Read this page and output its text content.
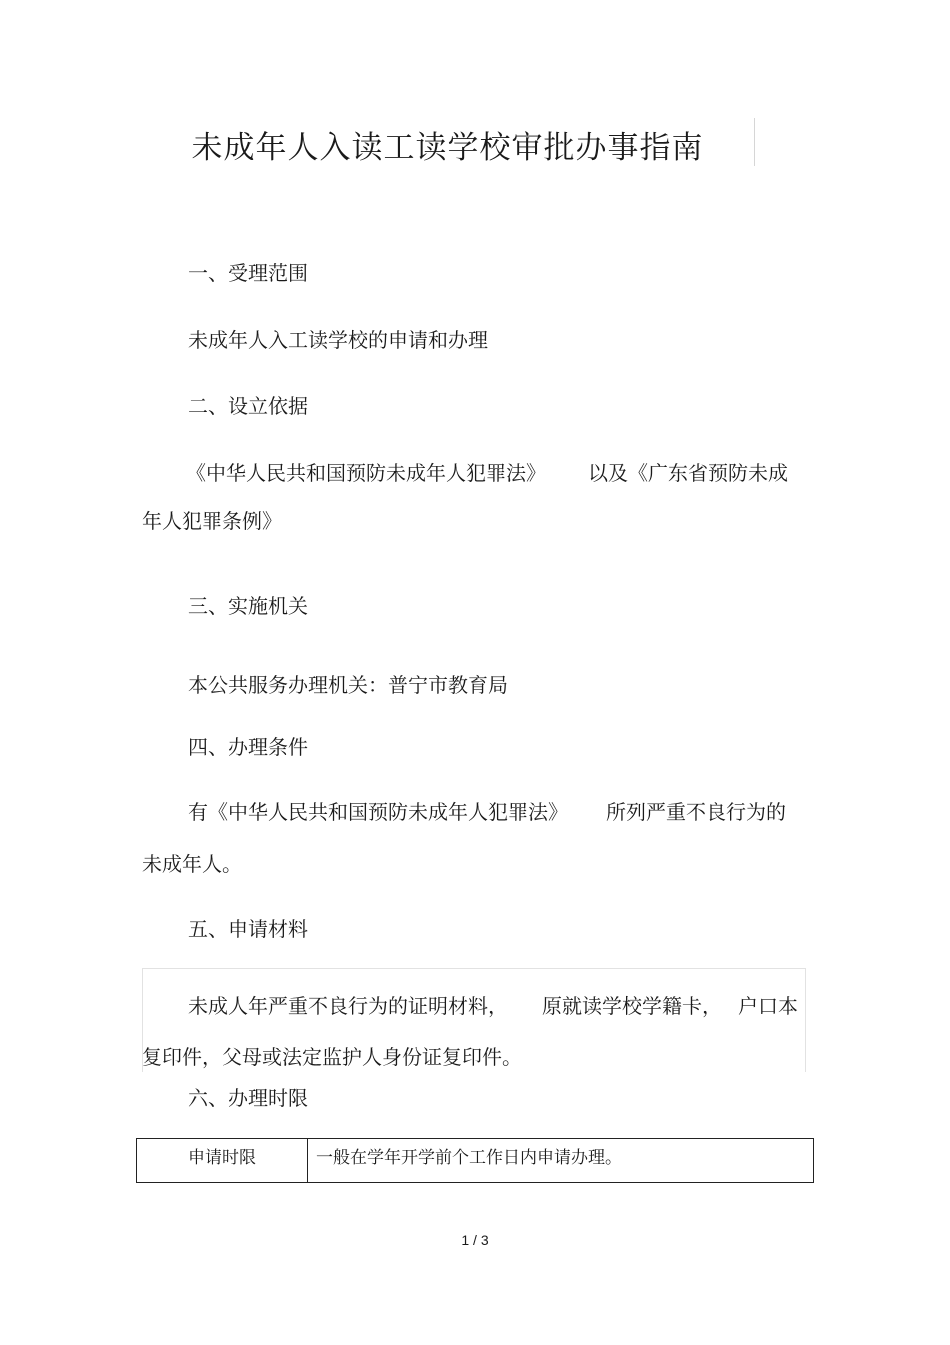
未成年人入读工读学校审批办事指南
一、受理范围
未成年人入工读学校的申请和办理
二、设立依据
《中华人民共和国预防未成年人犯罪法》 以及《广东省预防未成
年人犯罪条例》
三、实施机关
本公共服务办理机关：普宁市教育局
四、办理条件
有《中华人民共和国预防未成年人犯罪法》 所列严重不良行为的
未成年人。
五、申请材料
未成人年严重不良行为的证明材料， 原就读学校学籍卡， 户口本
复印件，父母或法定监护人身份证复印件。
六、办理时限
申请时限	一般在学年开学前个工作日内申请办理。
1 / 3
